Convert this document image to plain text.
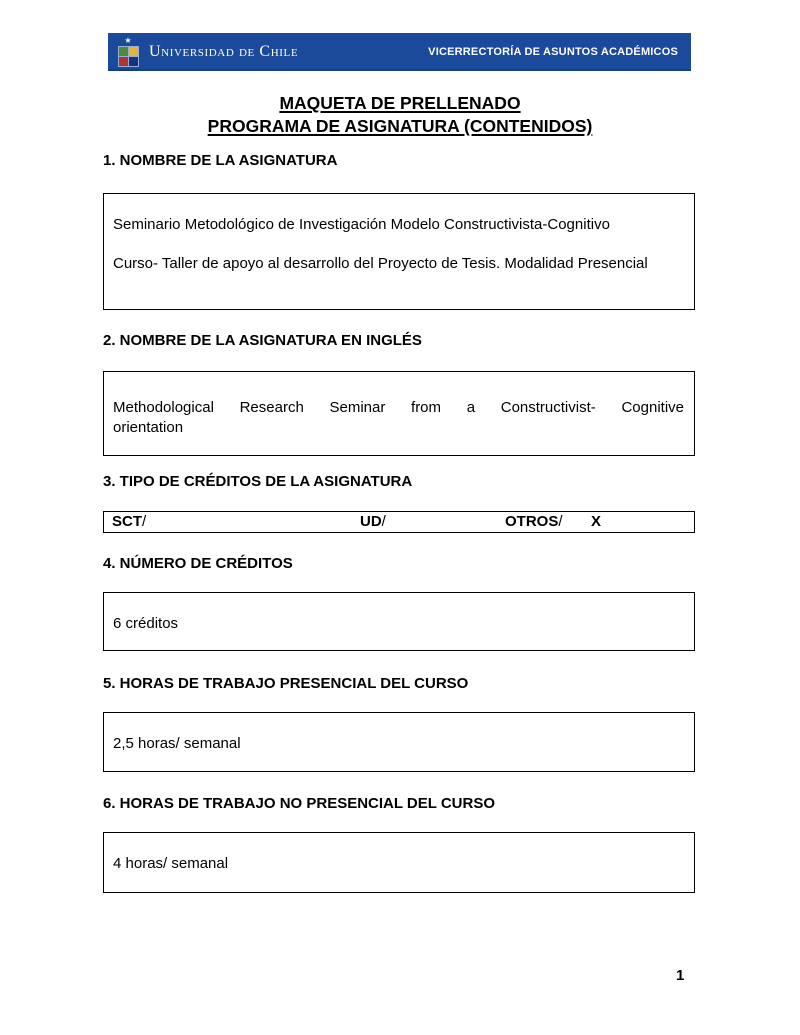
★
Universidad de Chile	VICERRECTORÍA DE ASUNTOS ACADÉMICOS
MAQUETA DE PRELLENADO
PROGRAMA DE ASIGNATURA (CONTENIDOS)
1. NOMBRE DE LA ASIGNATURA
Seminario Metodológico de Investigación Modelo Constructivista-Cognitivo
Curso- Taller de apoyo al desarrollo del Proyecto de Tesis. Modalidad Presencial
2. NOMBRE DE LA ASIGNATURA EN INGLÉS
Methodological Research Seminar from a Constructivist- Cognitive
orientation
3. TIPO DE CRÉDITOS DE LA ASIGNATURA
SCT/	UD/	OTROS/ X
4. NÚMERO DE CRÉDITOS
6 créditos
5. HORAS DE TRABAJO PRESENCIAL DEL CURSO
2,5 horas/ semanal
6. HORAS DE TRABAJO NO PRESENCIAL DEL CURSO
4 horas/ semanal
1
